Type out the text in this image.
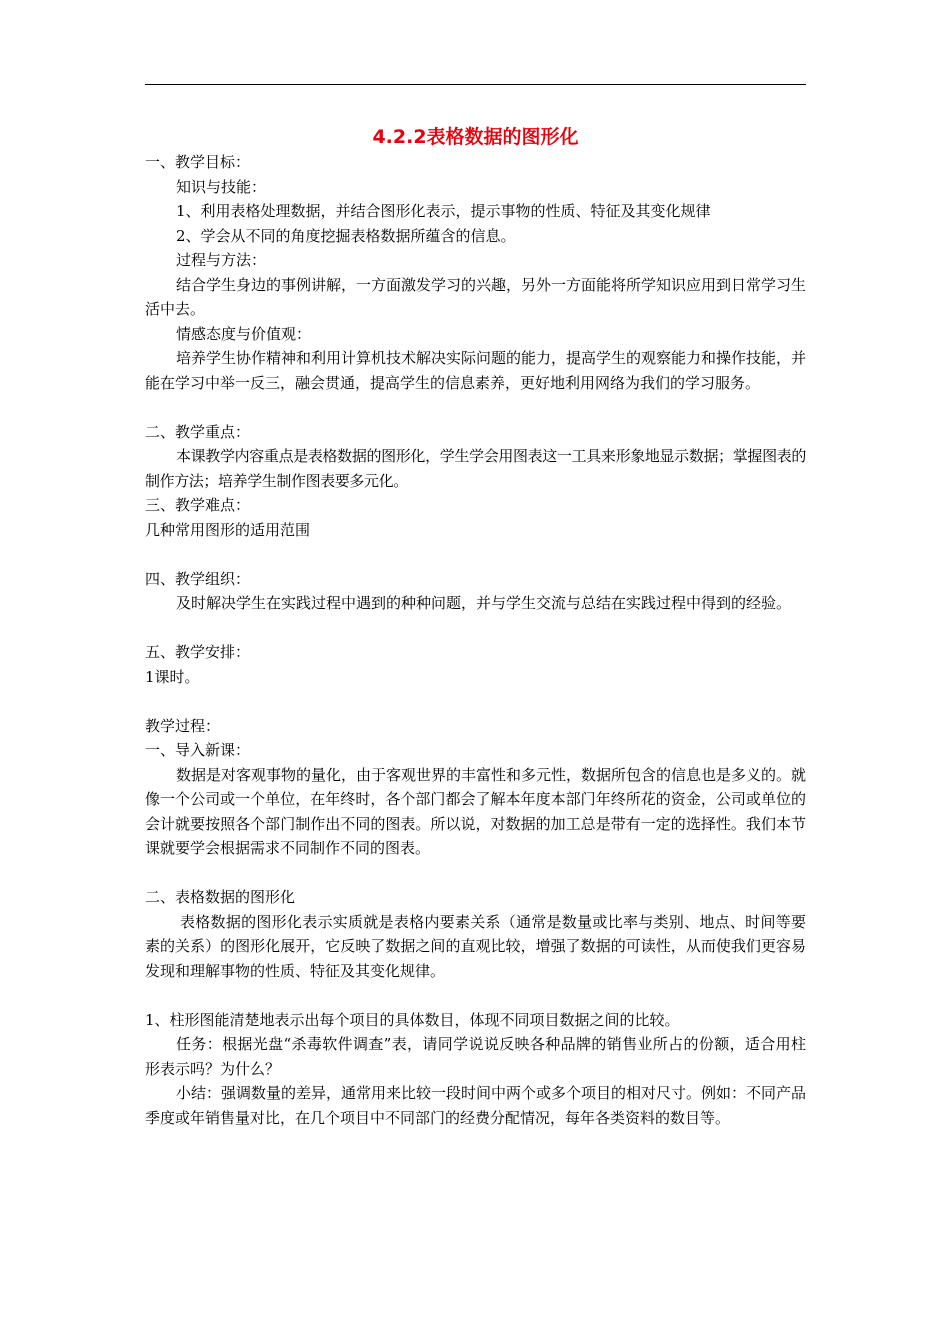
4.2.2表格数据的图形化
一、教学目标：
知识与技能：
1、利用表格处理数据，并结合图形化表示，提示事物的性质、特征及其变化规律
2、学会从不同的角度挖掘表格数据所蕴含的信息。
过程与方法：
结合学生身边的事例讲解，一方面激发学习的兴趣，另外一方面能将所学知识应用到日常学习生活中去。
情感态度与价值观：
培养学生协作精神和利用计算机技术解决实际问题的能力，提高学生的观察能力和操作技能，并能在学习中举一反三，融会贯通，提高学生的信息素养，更好地利用网络为我们的学习服务。
二、教学重点：
本课教学内容重点是表格数据的图形化，学生学会用图表这一工具来形象地显示数据；掌握图表的制作方法；培养学生制作图表要多元化。
三、教学难点：
几种常用图形的适用范围
四、教学组织：
及时解决学生在实践过程中遇到的种种问题，并与学生交流与总结在实践过程中得到的经验。
五、教学安排：
1课时。
教学过程：
一、导入新课：
数据是对客观事物的量化，由于客观世界的丰富性和多元性，数据所包含的信息也是多义的。就像一个公司或一个单位，在年终时，各个部门都会了解本年度本部门年终所花的资金，公司或单位的会计就要按照各个部门制作出不同的图表。所以说，对数据的加工总是带有一定的选择性。我们本节课就要学会根据需求不同制作不同的图表。
二、表格数据的图形化
表格数据的图形化表示实质就是表格内要素关系（通常是数量或比率与类别、地点、时间等要素的关系）的图形化展开，它反映了数据之间的直观比较，增强了数据的可读性，从而使我们更容易发现和理解事物的性质、特征及其变化规律。
1、柱形图能清楚地表示出每个项目的具体数目，体现不同项目数据之间的比较。
任务：根据光盘“杀毒软件调查”表，请同学说说反映各种品牌的销售业所占的份额，适合用柱形表示吗？为什么？
小结：强调数量的差异，通常用来比较一段时间中两个或多个项目的相对尺寸。例如：不同产品季度或年销售量对比，在几个项目中不同部门的经费分配情况，每年各类资料的数目等。
